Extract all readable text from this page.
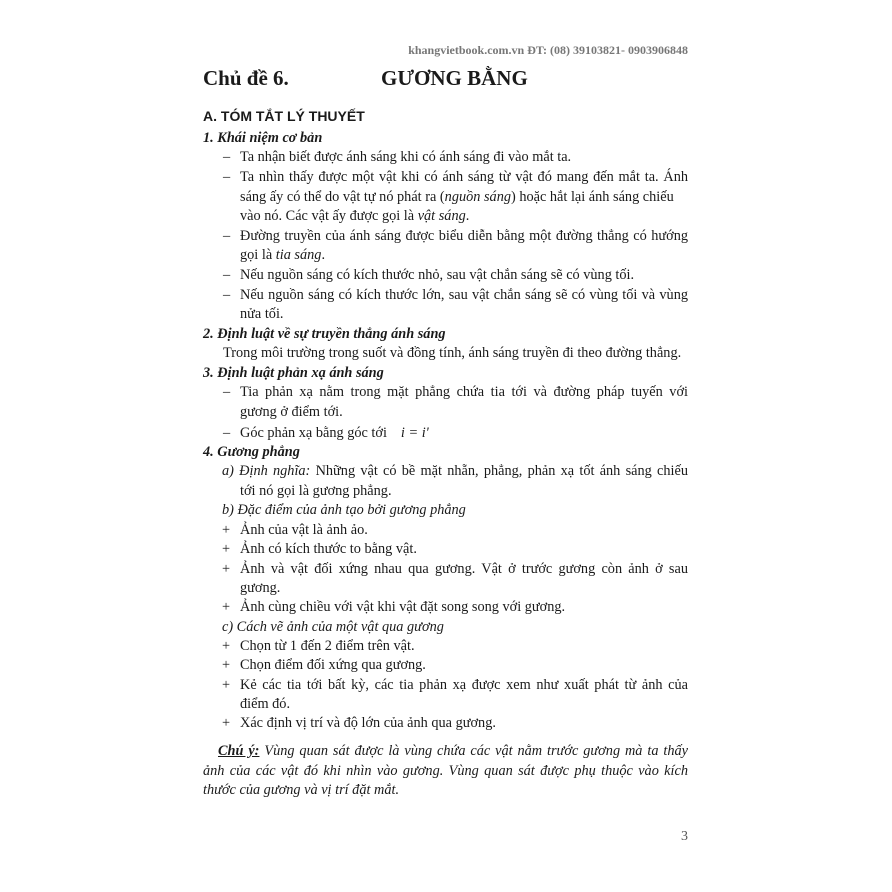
khangvietbook.com.vn ĐT: (08) 39103821- 0903906848
Chủ đề 6.	GƯƠNG BẰNG
A. TÓM TẮT LÝ THUYẾT
1. Khái niệm cơ bản
– Ta nhận biết được ánh sáng khi có ánh sáng đi vào mắt ta.
– Ta nhìn thấy được một vật khi có ánh sáng từ vật đó mang đến mắt ta. Ánh
sáng ấy có thể do vật tự nó phát ra (nguồn sáng) hoặc hắt lại ánh sáng chiếu
vào nó. Các vật ấy được gọi là vật sáng.
– Đường truyền của ánh sáng được biểu diễn bằng một đường thẳng có hướng
gọi là tia sáng.
– Nếu nguồn sáng có kích thước nhỏ, sau vật chắn sáng sẽ có vùng tối.
– Nếu nguồn sáng có kích thước lớn, sau vật chắn sáng sẽ có vùng tối và vùng
nửa tối.
2. Định luật về sự truyền thẳng ánh sáng
Trong môi trường trong suốt và đồng tính, ánh sáng truyền đi theo đường thẳng.
3. Định luật phản xạ ánh sáng
– Tia phản xạ nằm trong mặt phẳng chứa tia tới và đường pháp tuyến với
gương ở điểm tới.
– Góc phản xạ bằng góc tới i = i'
4. Gương phẳng
a) Định nghĩa: Những vật có bề mặt nhẵn, phẳng, phản xạ tốt ánh sáng chiếu
tới nó gọi là gương phẳng.
b) Đặc điểm của ảnh tạo bởi gương phẳng
+ Ảnh của vật là ảnh ảo.
+ Ảnh có kích thước to bằng vật.
+ Ảnh và vật đối xứng nhau qua gương. Vật ở trước gương còn ảnh ở sau
gương.
+ Ảnh cùng chiều với vật khi vật đặt song song với gương.
c) Cách vẽ ảnh của một vật qua gương
+ Chọn từ 1 đến 2 điểm trên vật.
+ Chọn điểm đối xứng qua gương.
+ Kẻ các tia tới bất kỳ, các tia phản xạ được xem như xuất phát từ ảnh của
điểm đó.
+ Xác định vị trí và độ lớn của ảnh qua gương.
Chú ý: Vùng quan sát được là vùng chứa các vật nằm trước gương mà ta thấy
ảnh của các vật đó khi nhìn vào gương. Vùng quan sát được phụ thuộc vào kích
thước của gương và vị trí đặt mắt.
3
